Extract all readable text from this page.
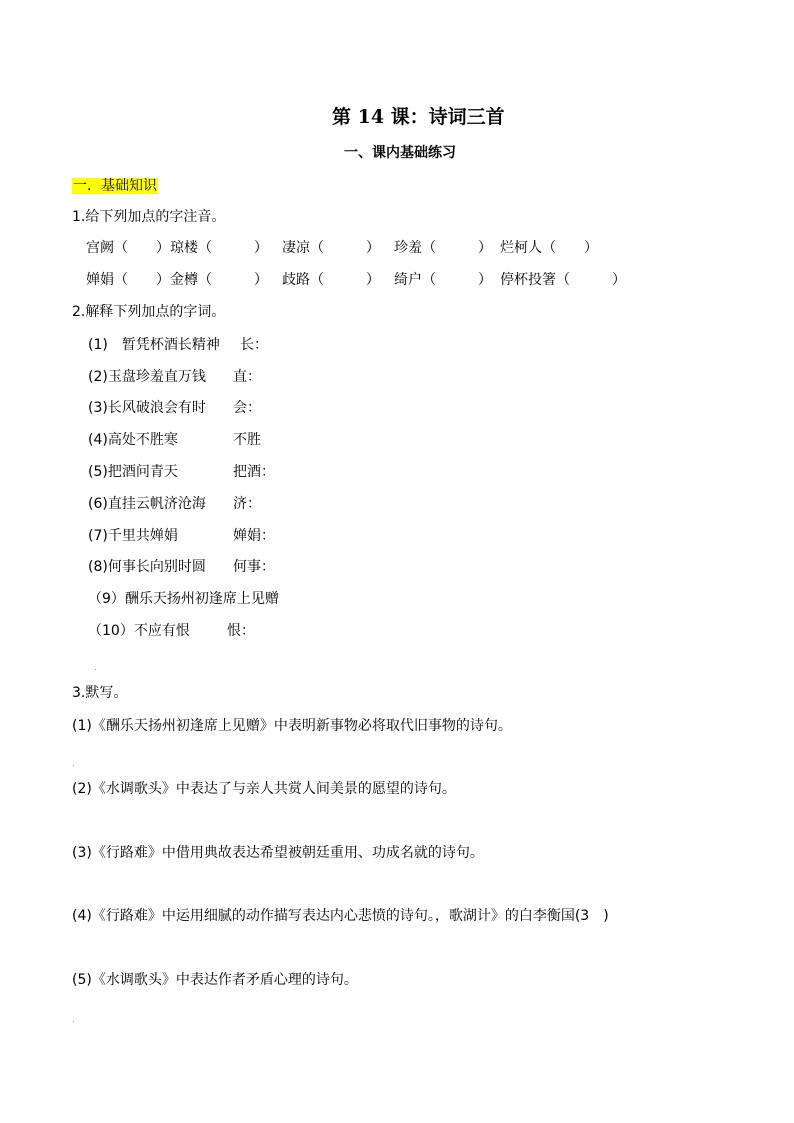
第 14 课：诗词三首
一、课内基础练习
一．基础知识
1.给下列加点的字注音。
宫阙（　　） 琼楼（　　　） 凄凉（　　　） 珍羞（　　　） 烂柯人（　　）
婵娟（　　） 金樽（　　　） 歧路（　　　） 绮户（　　　） 停杯投箸（　　　）
2.解释下列加点的字词。
(1)　暂凭杯酒长精神 长：
(2)玉盘珍羞直万钱 直：
(3)长风破浪会有时 会：
(4)高处不胜寒	不胜
(5)把酒问青天	把酒：
(6)直挂云帆济沧海 济：
(7)千里共婵娟	婵娟：
(8)何事长向别时圆 何事：
（9）酬乐天扬州初逢席上见赠
（10）不应有恨	恨：
3.默写。
(1)《酬乐天扬州初逢席上见赠》中表明新事物必将取代旧事物的诗句。
(2)《水调歌头》中表达了与亲人共赏人间美景的愿望的诗句。
(3)《行路难》中借用典故表达希望被朝廷重用、功成名就的诗句。
(4)《行路难》中运用细腻的动作描写表达内心悲愤的诗句。，歌湖计》的白李衡国(3　)
(5)《水调歌头》中表达作者矛盾心理的诗句。
.
.
.
